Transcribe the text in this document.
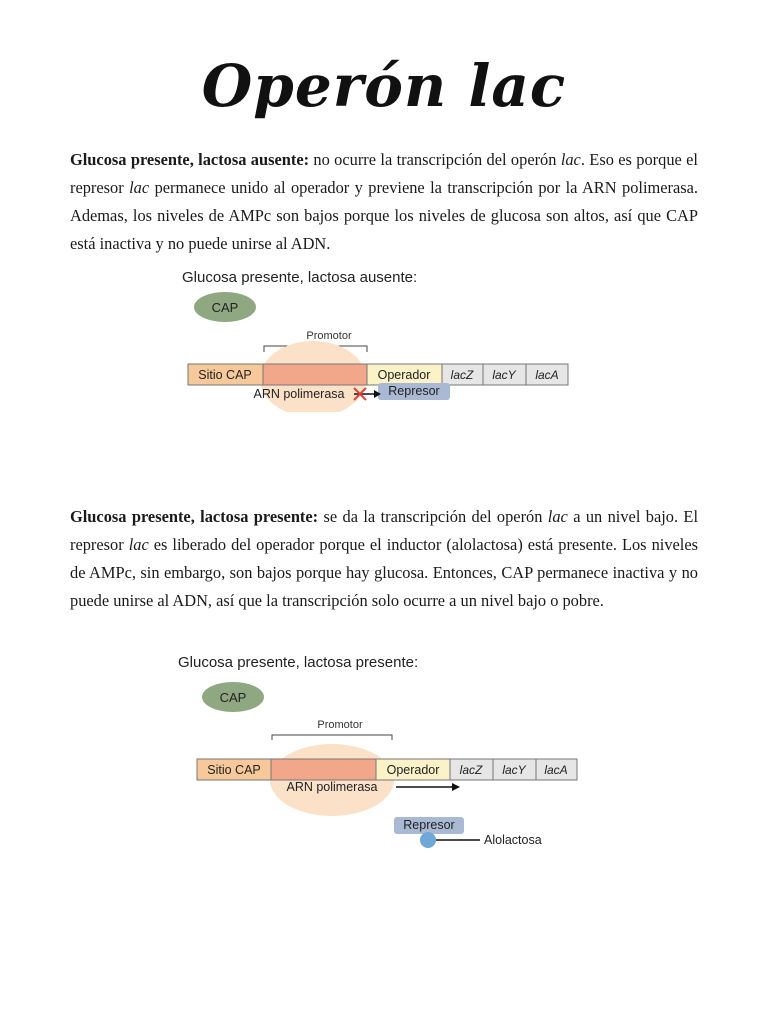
Operón lac

Glucosa presente, lactosa ausente: no ocurre la transcripción del operón lac. Eso es porque el represor lac permanece unido al operador y previene la transcripción por la ARN polimerasa. Ademas, los niveles de AMPc son bajos porque los niveles de glucosa son altos, así que CAP está inactiva y no puede unirse al ADN.

Glucosa presente, lactosa ausente:
CAP
Promotor
Sitio CAP	Operador lacZ lacY lacA
ARN polimerasa	Represor

Glucosa presente, lactosa presente: se da la transcripción del operón lac a un nivel bajo. El represor lac es liberado del operador porque el inductor (alolactosa) está presente. Los niveles de AMPc, sin embargo, son bajos porque hay glucosa. Entonces, CAP permanece inactiva y no puede unirse al ADN, así que la transcripción solo ocurre a un nivel bajo o pobre.

Glucosa presente, lactosa presente:
CAP
Promotor
Sitio CAP	Operador lacZ lacY lacA
ARN polimerasa
Represor
Alolactosa
